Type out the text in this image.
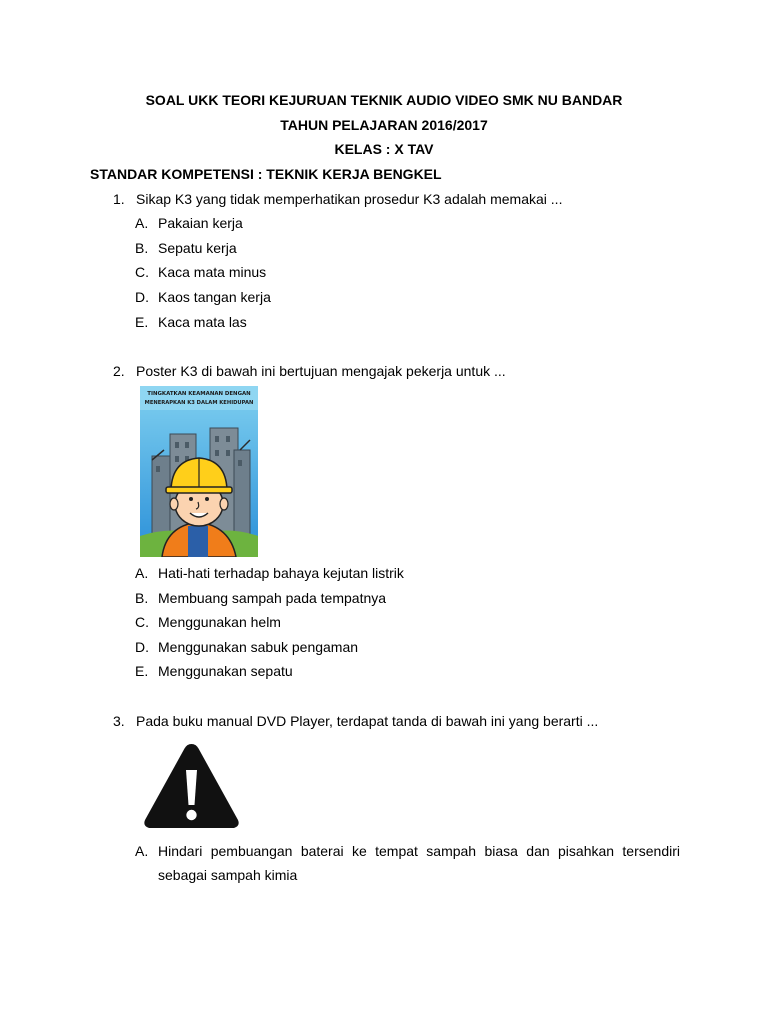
SOAL UKK TEORI KEJURUAN TEKNIK AUDIO VIDEO SMK NU BANDAR
TAHUN PELAJARAN 2016/2017
KELAS : X TAV
STANDAR KOMPETENSI : TEKNIK KERJA BENGKEL
1. Sikap K3 yang tidak memperhatikan prosedur K3 adalah memakai ...
A. Pakaian kerja
B. Sepatu kerja
C. Kaca mata minus
D. Kaos tangan kerja
E. Kaca mata las
2. Poster K3 di bawah ini bertujuan mengajak pekerja untuk ...
TINGKATKAN KEAMANAN DENGAN
MENERAPKAN K3 DALAM KEHIDUPAN
A. Hati-hati terhadap bahaya kejutan listrik
B. Membuang sampah pada tempatnya
C. Menggunakan helm
D. Menggunakan sabuk pengaman
E. Menggunakan sepatu
3. Pada buku manual DVD Player, terdapat tanda di bawah ini yang berarti ...
A. Hindari pembuangan baterai ke tempat sampah biasa dan pisahkan tersendiri sebagai sampah kimia
